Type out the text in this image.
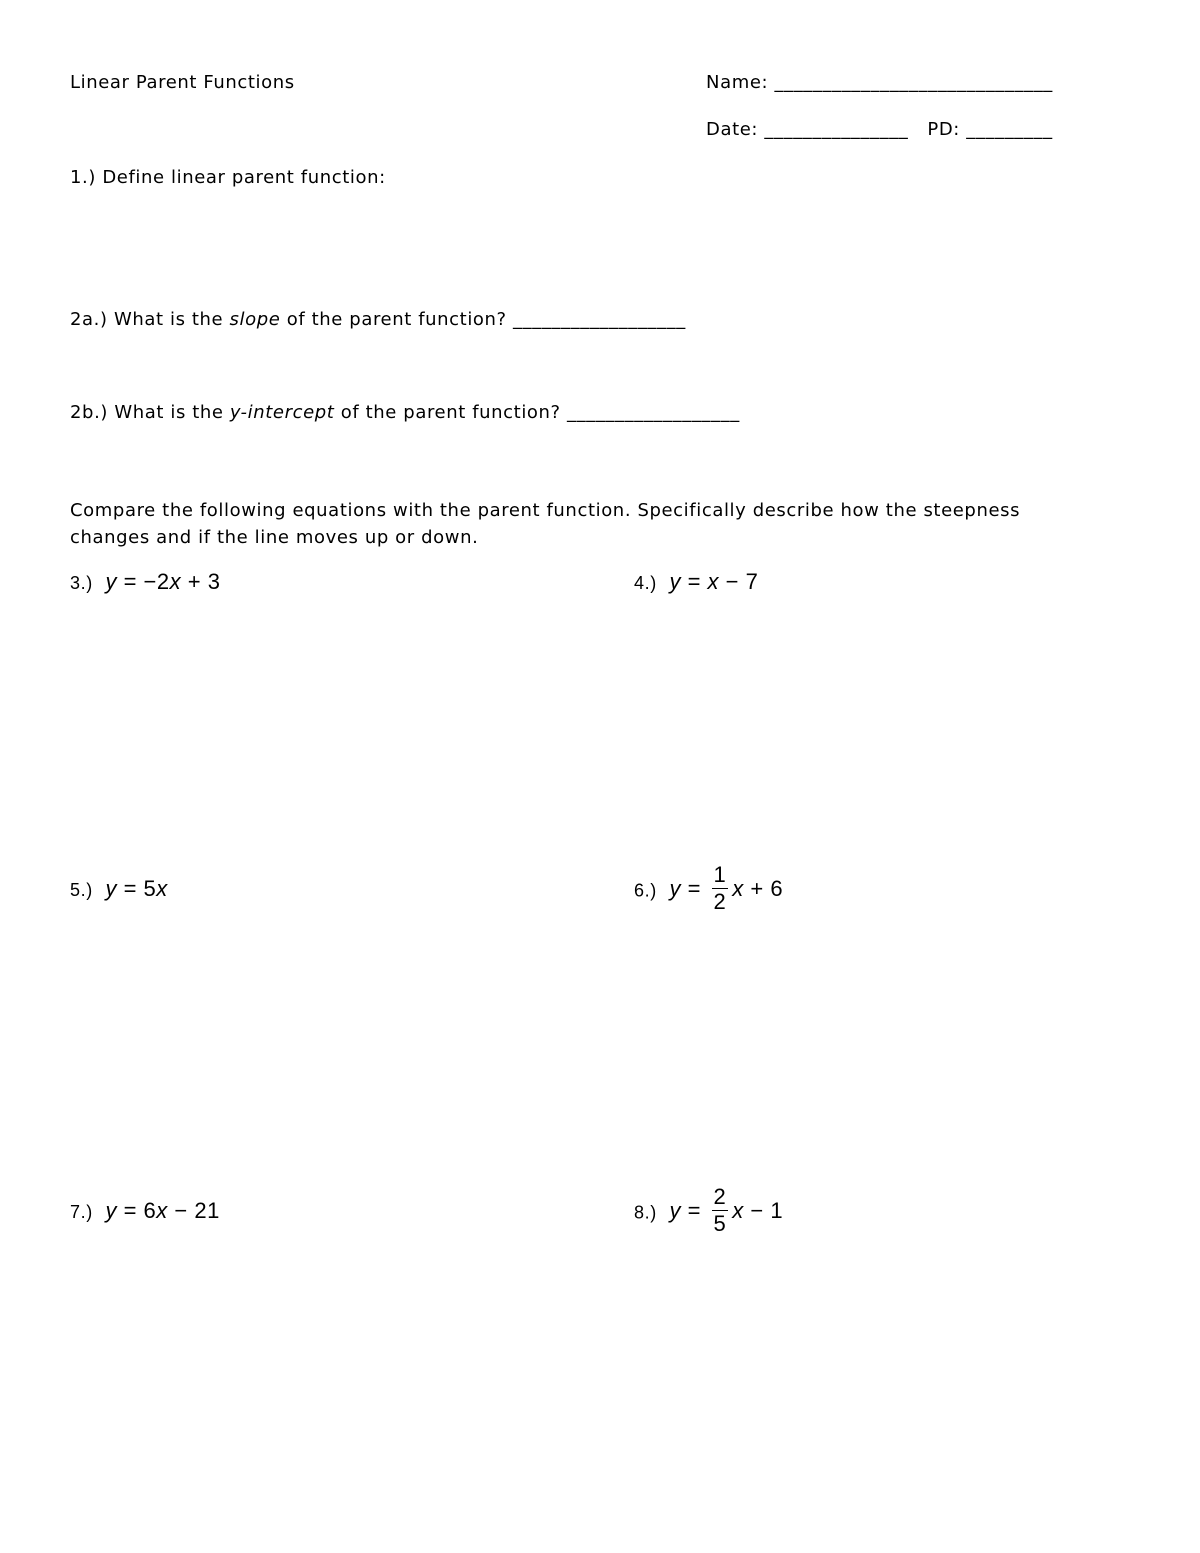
Linear Parent Functions	Name: _____________________________
Date: _______________ PD: _________
1.) Define linear parent function:
2a.) What is the slope of the parent function? __________________
2b.) What is the y-intercept of the parent function? __________________
Compare the following equations with the parent function. Specifically describe how the steepness changes and if the line moves up or down.
3.) y = −2x + 3	4.) y = x − 7
5.) y = 5x	6.) $y = \frac{1}{2}$ x + 6
7.) y = 6x − 21	8.) $y = \frac{2}{5}$ x − 1
